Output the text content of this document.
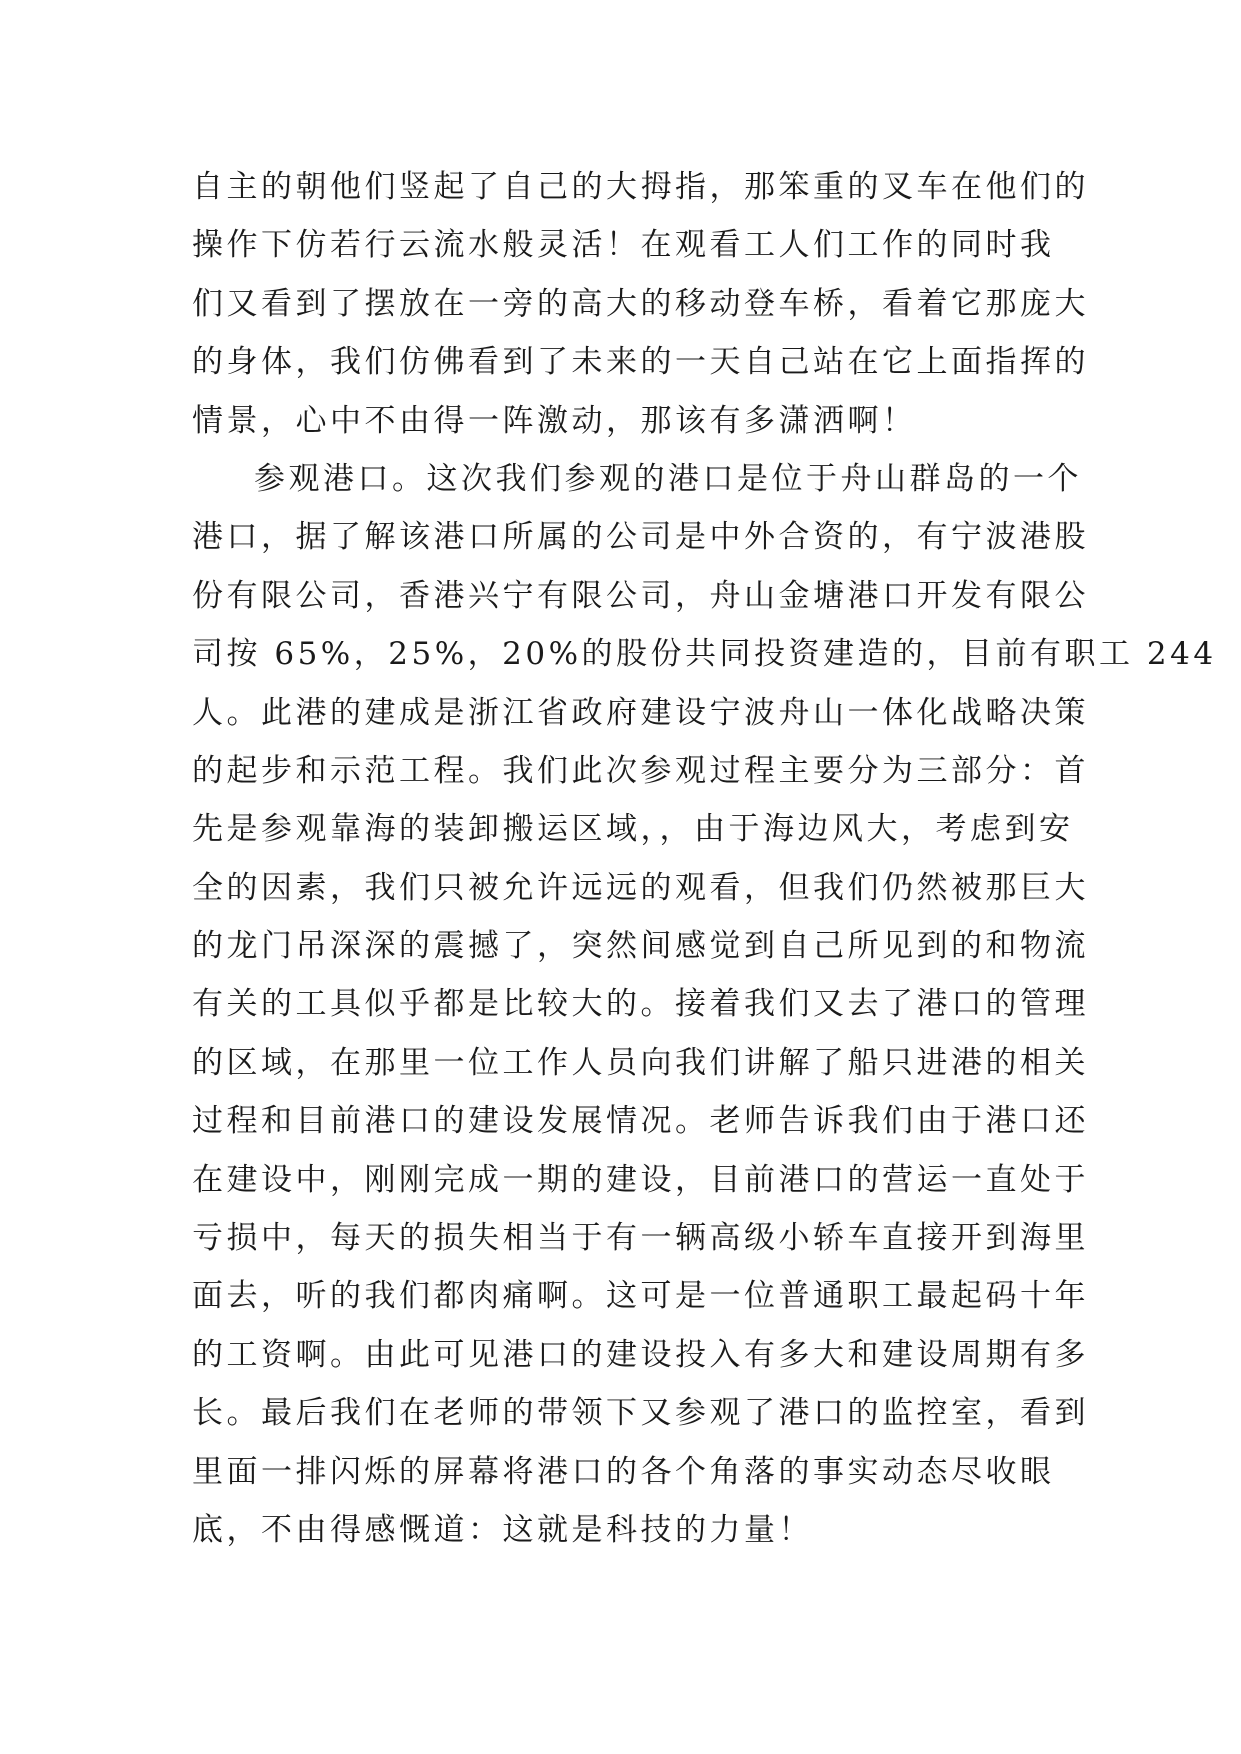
自主的朝他们竖起了自己的大拇指，那笨重的叉车在他们的
操作下仿若行云流水般灵活！在观看工人们工作的同时我
们又看到了摆放在一旁的高大的移动登车桥，看着它那庞大
的身体，我们仿佛看到了未来的一天自己站在它上面指挥的
情景，心中不由得一阵激动，那该有多潇洒啊！
参观港口。这次我们参观的港口是位于舟山群岛的一个
港口，据了解该港口所属的公司是中外合资的，有宁波港股
份有限公司，香港兴宁有限公司，舟山金塘港口开发有限公
司按 65%，25%，20%的股份共同投资建造的，目前有职工 244
人。此港的建成是浙江省政府建设宁波舟山一体化战略决策
的起步和示范工程。我们此次参观过程主要分为三部分：首
先是参观靠海的装卸搬运区域，，由于海边风大，考虑到安
全的因素，我们只被允许远远的观看，但我们仍然被那巨大
的龙门吊深深的震撼了，突然间感觉到自己所见到的和物流
有关的工具似乎都是比较大的。接着我们又去了港口的管理
的区域，在那里一位工作人员向我们讲解了船只进港的相关
过程和目前港口的建设发展情况。老师告诉我们由于港口还
在建设中，刚刚完成一期的建设，目前港口的营运一直处于
亏损中，每天的损失相当于有一辆高级小轿车直接开到海里
面去，听的我们都肉痛啊。这可是一位普通职工最起码十年
的工资啊。由此可见港口的建设投入有多大和建设周期有多
长。最后我们在老师的带领下又参观了港口的监控室，看到
里面一排闪烁的屏幕将港口的各个角落的事实动态尽收眼
底，不由得感慨道：这就是科技的力量！
